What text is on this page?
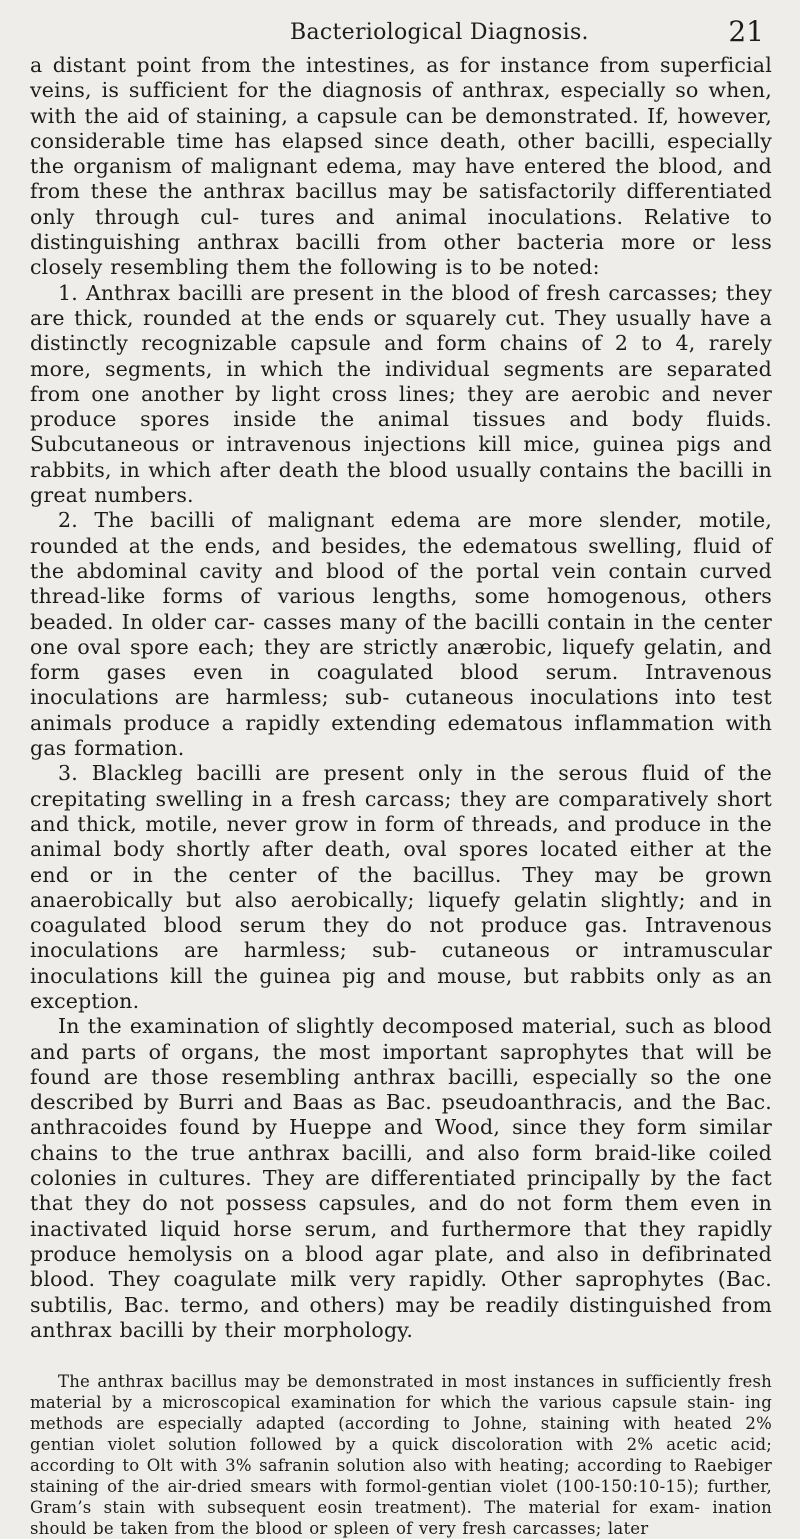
Bacteriological Diagnosis.	21

a distant point from the intestines, as for instance from superficial veins, is sufficient for the diagnosis of anthrax, especially so when, with the aid of staining, a capsule can be demonstrated. If, however, considerable time has elapsed since death, other bacilli, especially the organism of malignant edema, may have entered the blood, and from these the anthrax bacillus may be satisfactorily differentiated only through cul- tures and animal inoculations. Relative to distinguishing anthrax bacilli from other bacteria more or less closely resembling them the following is to be noted:

1. Anthrax bacilli are present in the blood of fresh carcasses; they are thick, rounded at the ends or squarely cut. They usually have a distinctly recognizable capsule and form chains of 2 to 4, rarely more, segments, in which the individual segments are separated from one another by light cross lines; they are aerobic and never produce spores inside the animal tissues and body fluids. Subcutaneous or intravenous injections kill mice, guinea pigs and rabbits, in which after death the blood usually contains the bacilli in great numbers.

2. The bacilli of malignant edema are more slender, motile, rounded at the ends, and besides, the edematous swelling, fluid of the abdominal cavity and blood of the portal vein contain curved thread-like forms of various lengths, some homogenous, others beaded. In older car- casses many of the bacilli contain in the center one oval spore each; they are strictly anærobic, liquefy gelatin, and form gases even in coagulated blood serum. Intravenous inoculations are harmless; sub- cutaneous inoculations into test animals produce a rapidly extending edematous inflammation with gas formation.

3. Blackleg bacilli are present only in the serous fluid of the crepitating swelling in a fresh carcass; they are comparatively short and thick, motile, never grow in form of threads, and produce in the animal body shortly after death, oval spores located either at the end or in the center of the bacillus. They may be grown anaerobically but also aerobically; liquefy gelatin slightly; and in coagulated blood serum they do not produce gas. Intravenous inoculations are harmless; sub- cutaneous or intramuscular inoculations kill the guinea pig and mouse, but rabbits only as an exception.

In the examination of slightly decomposed material, such as blood and parts of organs, the most important saprophytes that will be found are those resembling anthrax bacilli, especially so the one described by Burri and Baas as Bac. pseudoanthracis, and the Bac. anthracoides found by Hueppe and Wood, since they form similar chains to the true anthrax bacilli, and also form braid-like coiled colonies in cultures. They are differentiated principally by the fact that they do not possess capsules, and do not form them even in inactivated liquid horse serum, and furthermore that they rapidly produce hemolysis on a blood agar plate, and also in defibrinated blood. They coagulate milk very rapidly. Other saprophytes (Bac. subtilis, Bac. termo, and others) may be readily distinguished from anthrax bacilli by their morphology.

The anthrax bacillus may be demonstrated in most instances in sufficiently fresh material by a microscopical examination for which the various capsule stain- ing methods are especially adapted (according to Johne, staining with heated 2% gentian violet solution followed by a quick discoloration with 2% acetic acid; according to Olt with 3% safranin solution also with heating; according to Raebiger staining of the air-dried smears with formol-gentian violet (100-150:10-15); further, Gram’s stain with subsequent eosin treatment). The material for exam- ination should be taken from the blood or spleen of very fresh carcasses; later
